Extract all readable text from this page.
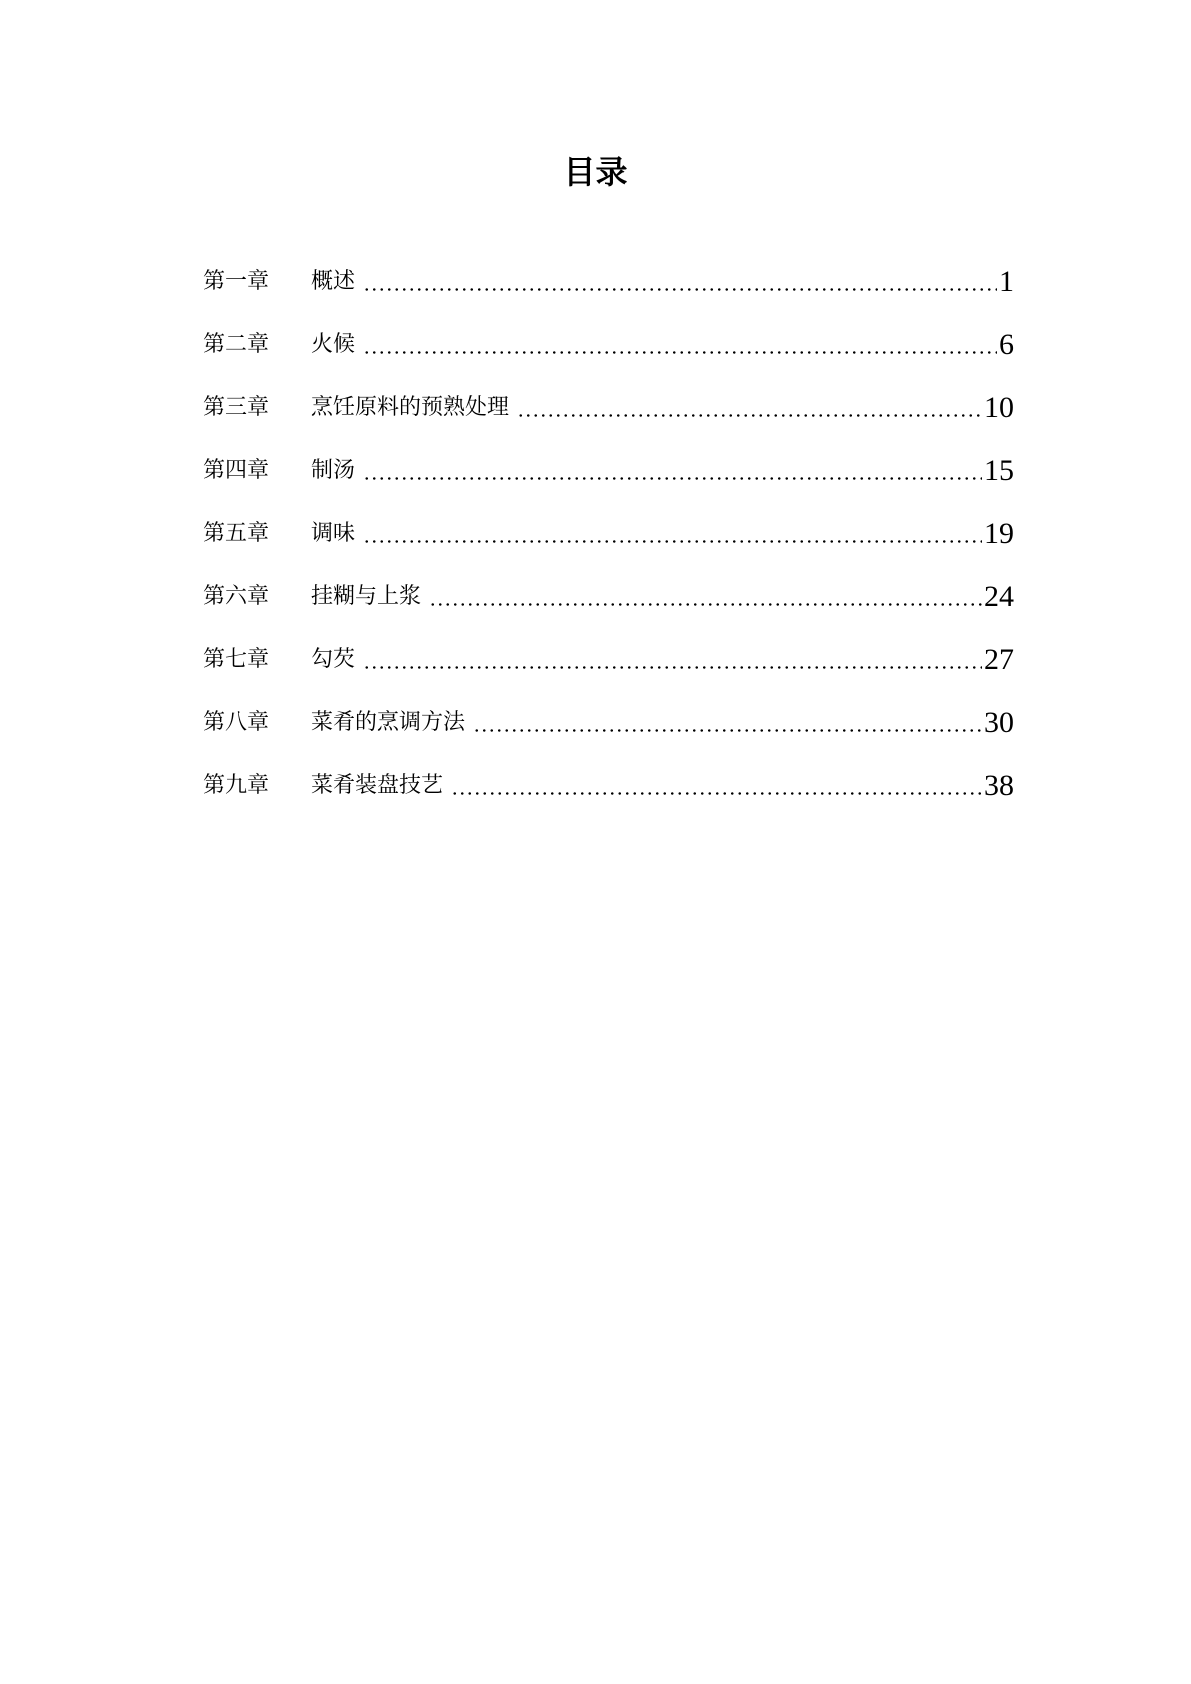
目录
第一章	概述	1
第二章	火候	6
第三章	烹饪原料的预熟处理	10
第四章	制汤	15
第五章	调味	19
第六章	挂糊与上浆	24
第七章	勾芡	27
第八章	菜肴的烹调方法	30
第九章	菜肴装盘技艺	38
